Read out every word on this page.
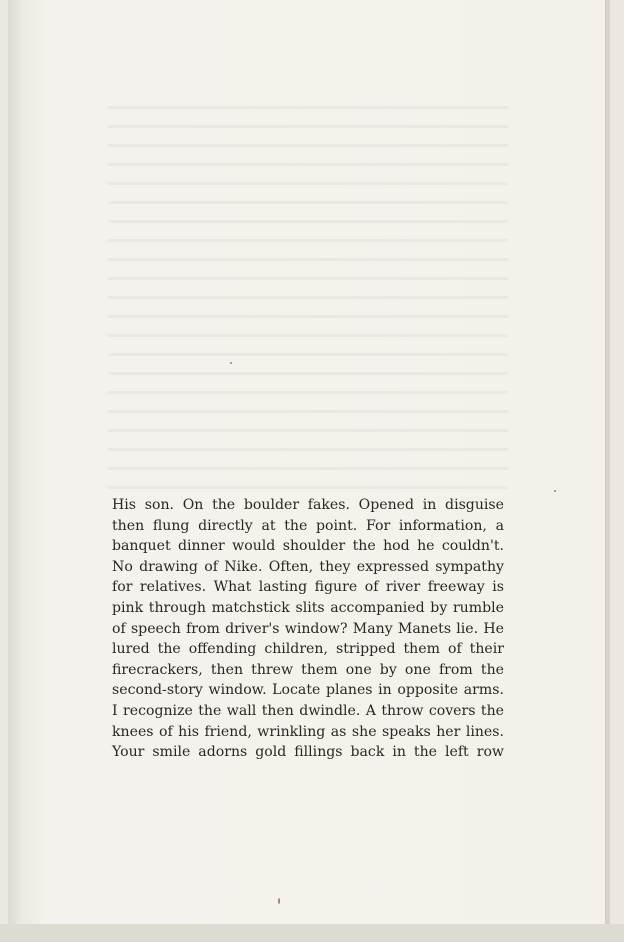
His son. On the boulder fakes. Opened in disguise
then flung directly at the point. For information, a
banquet dinner would shoulder the hod he couldn't.
No drawing of Nike. Often, they expressed sympathy
for relatives. What lasting figure of river freeway is
pink through matchstick slits accompanied by rumble
of speech from driver's window? Many Manets lie. He
lured the offending children, stripped them of their
firecrackers, then threw them one by one from the
second-story window. Locate planes in opposite arms.
I recognize the wall then dwindle. A throw covers the
knees of his friend, wrinkling as she speaks her lines.
Your smile adorns gold fillings back in the left row
